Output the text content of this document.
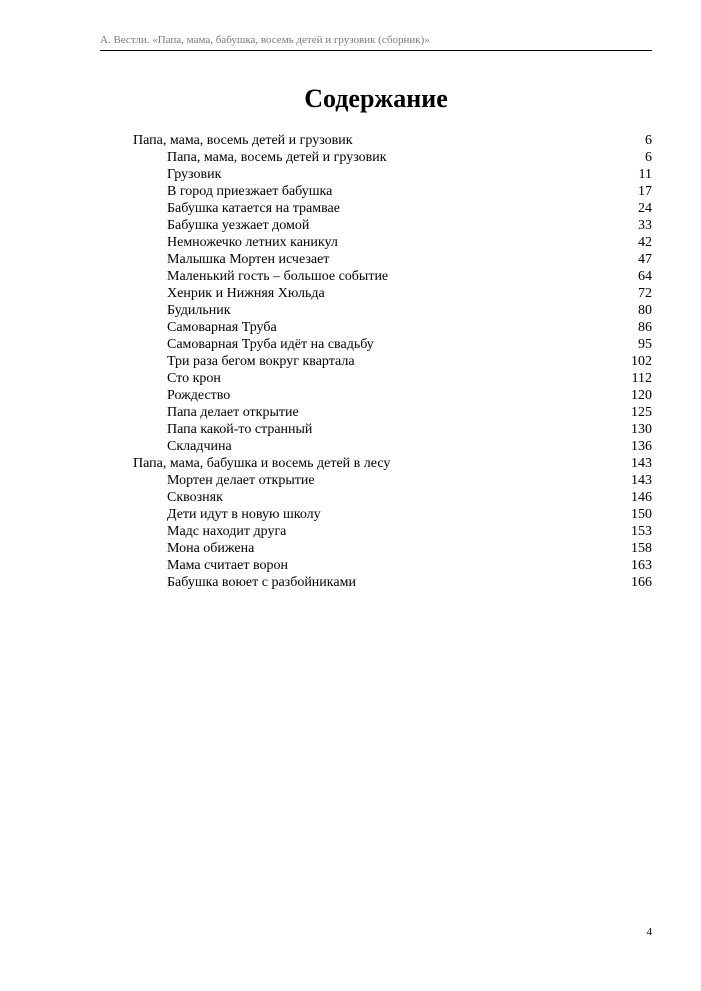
А. Вестли. «Папа, мама, бабушка, восемь детей и грузовик (сборник)»
Содержание
Папа, мама, восемь детей и грузовик	6
Папа, мама, восемь детей и грузовик	6
Грузовик	11
В город приезжает бабушка	17
Бабушка катается на трамвае	24
Бабушка уезжает домой	33
Немножечко летних каникул	42
Малышка Мортен исчезает	47
Маленький гость – большое событие	64
Хенрик и Нижняя Хюльда	72
Будильник	80
Самоварная Труба	86
Самоварная Труба идёт на свадьбу	95
Три раза бегом вокруг квартала	102
Сто крон	112
Рождество	120
Папа делает открытие	125
Папа какой-то странный	130
Складчина	136
Папа, мама, бабушка и восемь детей в лесу	143
Мортен делает открытие	143
Сквозняк	146
Дети идут в новую школу	150
Мадс находит друга	153
Мона обижена	158
Мама считает ворон	163
Бабушка воюет с разбойниками	166
4
